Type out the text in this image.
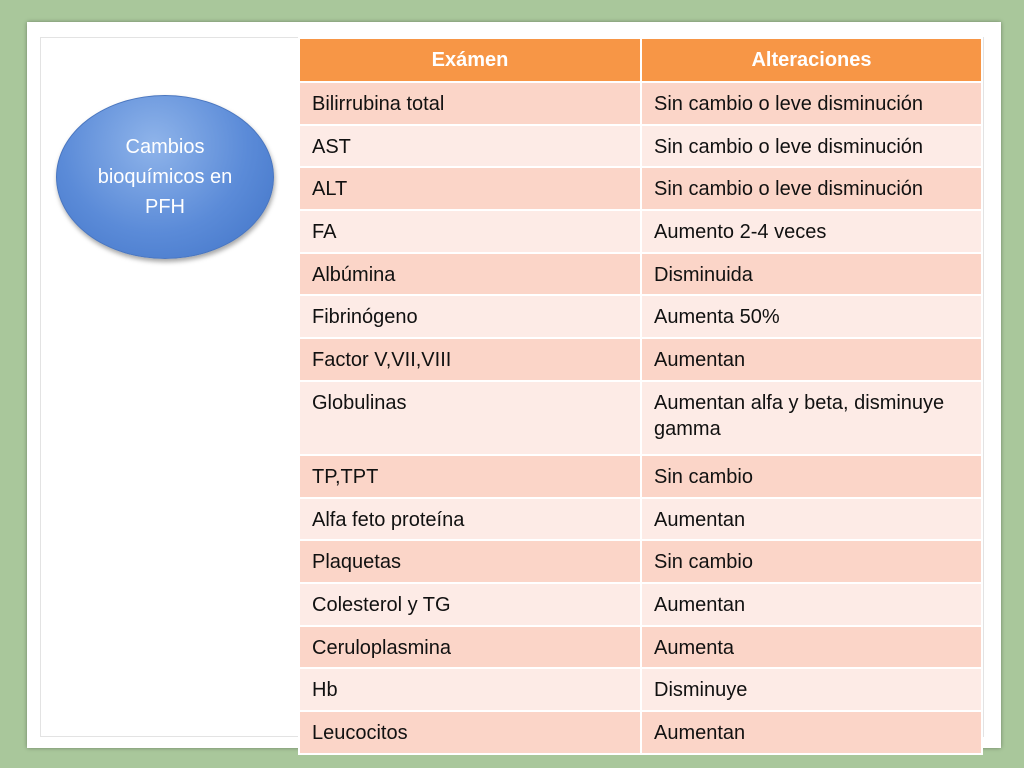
Cambios bioquímicos en PFH
Exámen	Alteraciones
Bilirrubina total	Sin cambio o leve disminución
AST	Sin cambio o leve disminución
ALT	Sin cambio o leve disminución
FA	Aumento 2-4 veces
Albúmina	Disminuida
Fibrinógeno	Aumenta 50%
Factor V,VII,VIII	Aumentan
Globulinas	Aumentan alfa y beta, disminuye gamma
TP,TPT	Sin cambio
Alfa feto proteína	Aumentan
Plaquetas	Sin cambio
Colesterol y TG	Aumentan
Ceruloplasmina	Aumenta
Hb	Disminuye
Leucocitos	Aumentan
